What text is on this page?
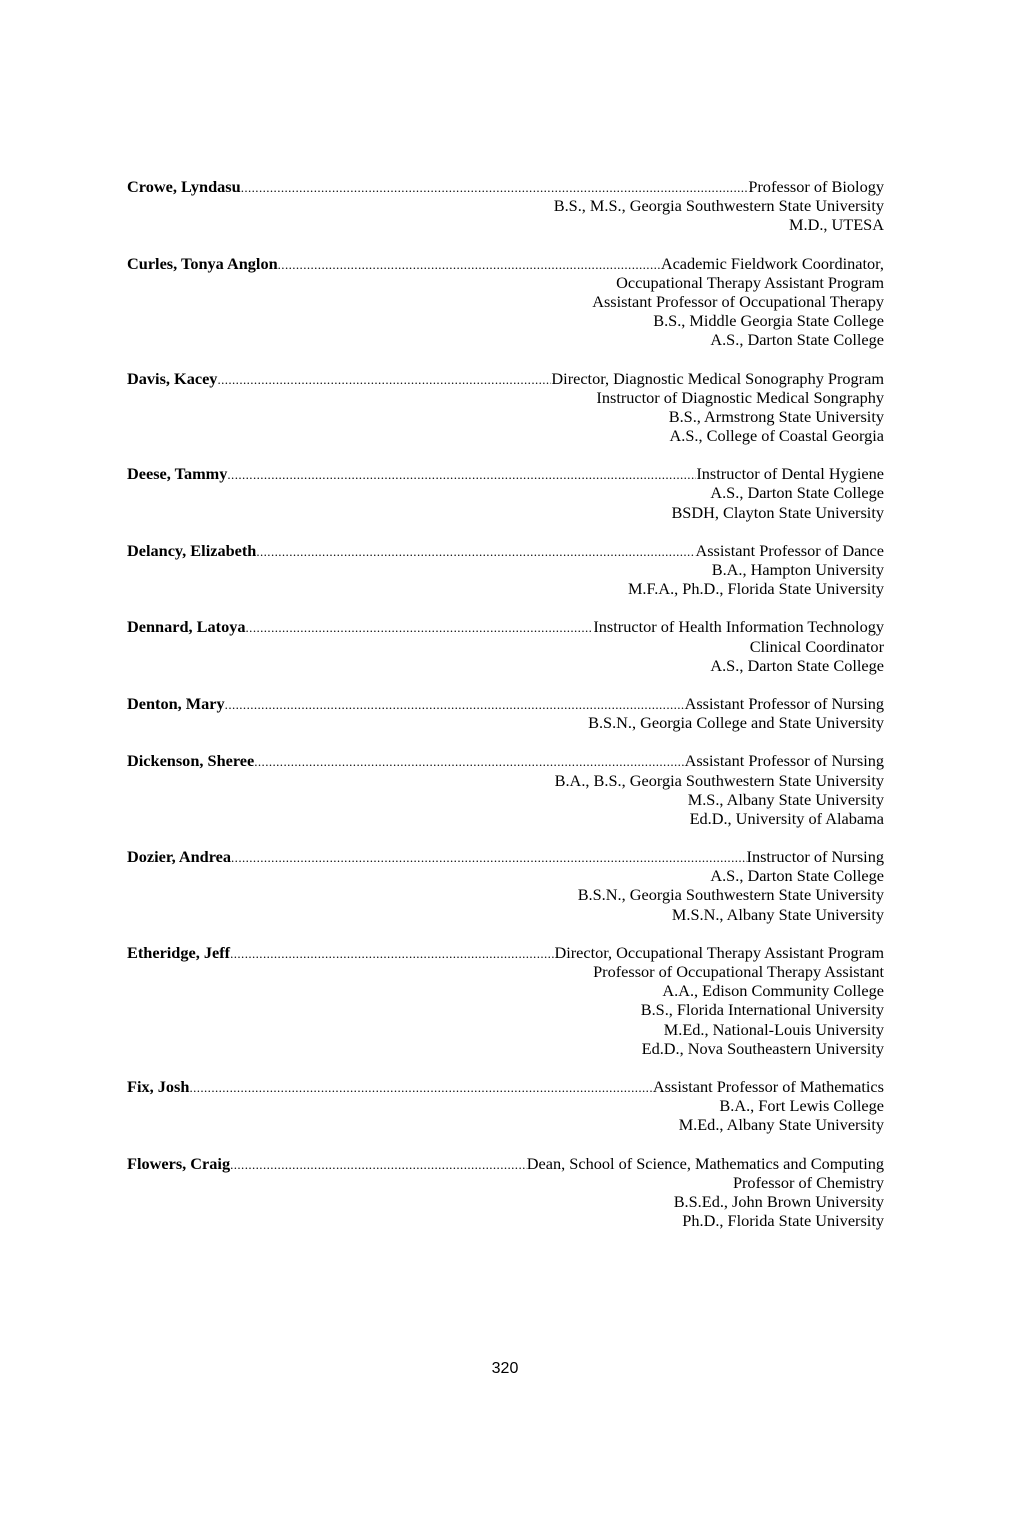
Crowe, Lyndasu .....	Professor of Biology
B.S., M.S., Georgia Southwestern State University
M.D., UTESA
Curles, Tonya Anglon .....	Academic Fieldwork Coordinator,
Occupational Therapy Assistant Program
Assistant Professor of Occupational Therapy
B.S., Middle Georgia State College
A.S., Darton State College
Davis, Kacey .....	Director, Diagnostic Medical Sonography Program
Instructor of Diagnostic Medical Songraphy
B.S., Armstrong State University
A.S., College of Coastal Georgia
Deese, Tammy .....	Instructor of Dental Hygiene
A.S., Darton State College
BSDH, Clayton State University
Delancy, Elizabeth .....	Assistant Professor of Dance
B.A., Hampton University
M.F.A., Ph.D., Florida State University
Dennard, Latoya .....	Instructor of Health Information Technology
Clinical Coordinator
A.S., Darton State College
Denton, Mary .....	Assistant Professor of Nursing
B.S.N., Georgia College and State University
Dickenson, Sheree .....	Assistant Professor of Nursing
B.A., B.S., Georgia Southwestern State University
M.S., Albany State University
Ed.D., University of Alabama
Dozier, Andrea .....	Instructor of Nursing
A.S., Darton State College
B.S.N., Georgia Southwestern State University
M.S.N., Albany State University
Etheridge, Jeff .....	Director, Occupational Therapy Assistant Program
Professor of Occupational Therapy Assistant
A.A., Edison Community College
B.S., Florida International University
M.Ed., National-Louis University
Ed.D., Nova Southeastern University
Fix, Josh .....	Assistant Professor of Mathematics
B.A., Fort Lewis College
M.Ed., Albany State University
Flowers, Craig .....	Dean, School of Science, Mathematics and Computing
Professor of Chemistry
B.S.Ed., John Brown University
Ph.D., Florida State University
320
